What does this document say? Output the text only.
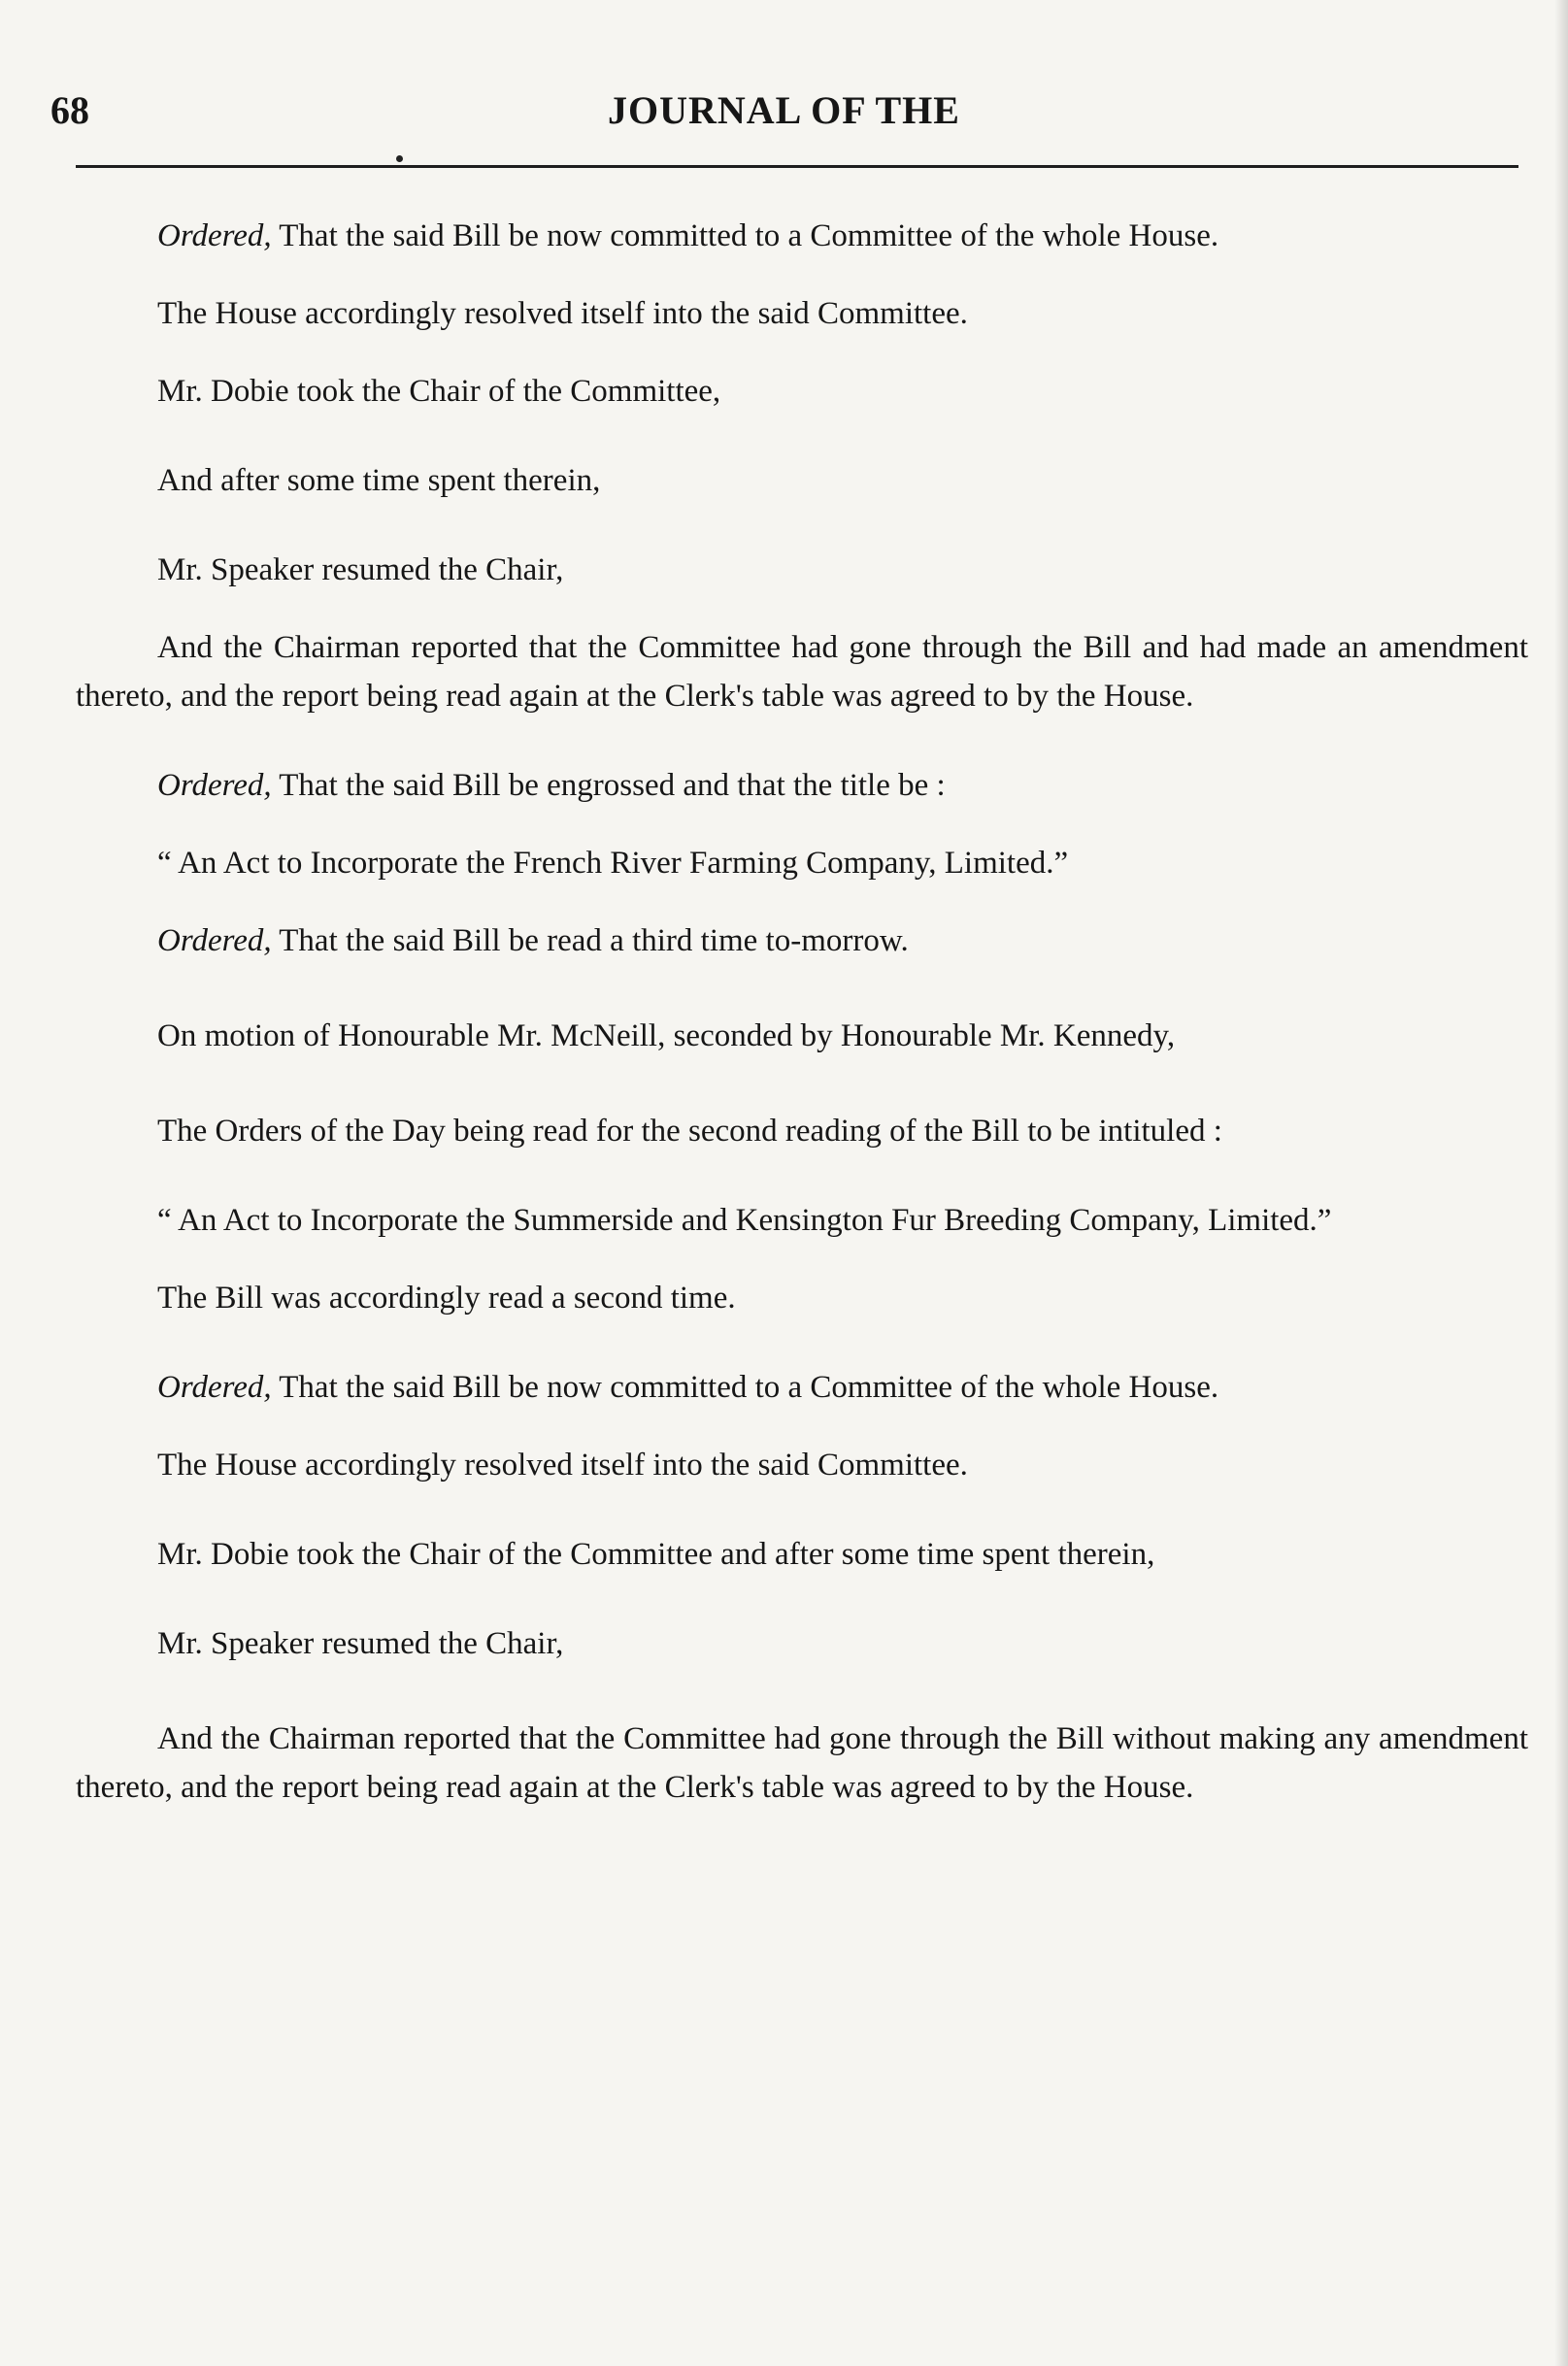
68	JOURNAL OF THE

Ordered, That the said Bill be now committed to a Committee of the whole House.

The House accordingly resolved itself into the said Committee.

Mr. Dobie took the Chair of the Committee,

And after some time spent therein,

Mr. Speaker resumed the Chair,

And the Chairman reported that the Committee had gone through the Bill and had made an amendment thereto, and the report being read again at the Clerk's table was agreed to by the House.

Ordered, That the said Bill be engrossed and that the title be :

“ An Act to Incorporate the French River Farming Company, Limited.”

Ordered, That the said Bill be read a third time to-morrow.

On motion of Honourable Mr. McNeill, seconded by Honourable Mr. Kennedy,

The Orders of the Day being read for the second reading of the Bill to be intituled :

“ An Act to Incorporate the Summerside and Kensington Fur Breeding Company, Limited.”

The Bill was accordingly read a second time.

Ordered, That the said Bill be now committed to a Committee of the whole House.

The House accordingly resolved itself into the said Committee.

Mr. Dobie took the Chair of the Committee and after some time spent therein,

Mr. Speaker resumed the Chair,

And the Chairman reported that the Committee had gone through the Bill without making any amendment thereto, and the report being read again at the Clerk's table was agreed to by the House.
